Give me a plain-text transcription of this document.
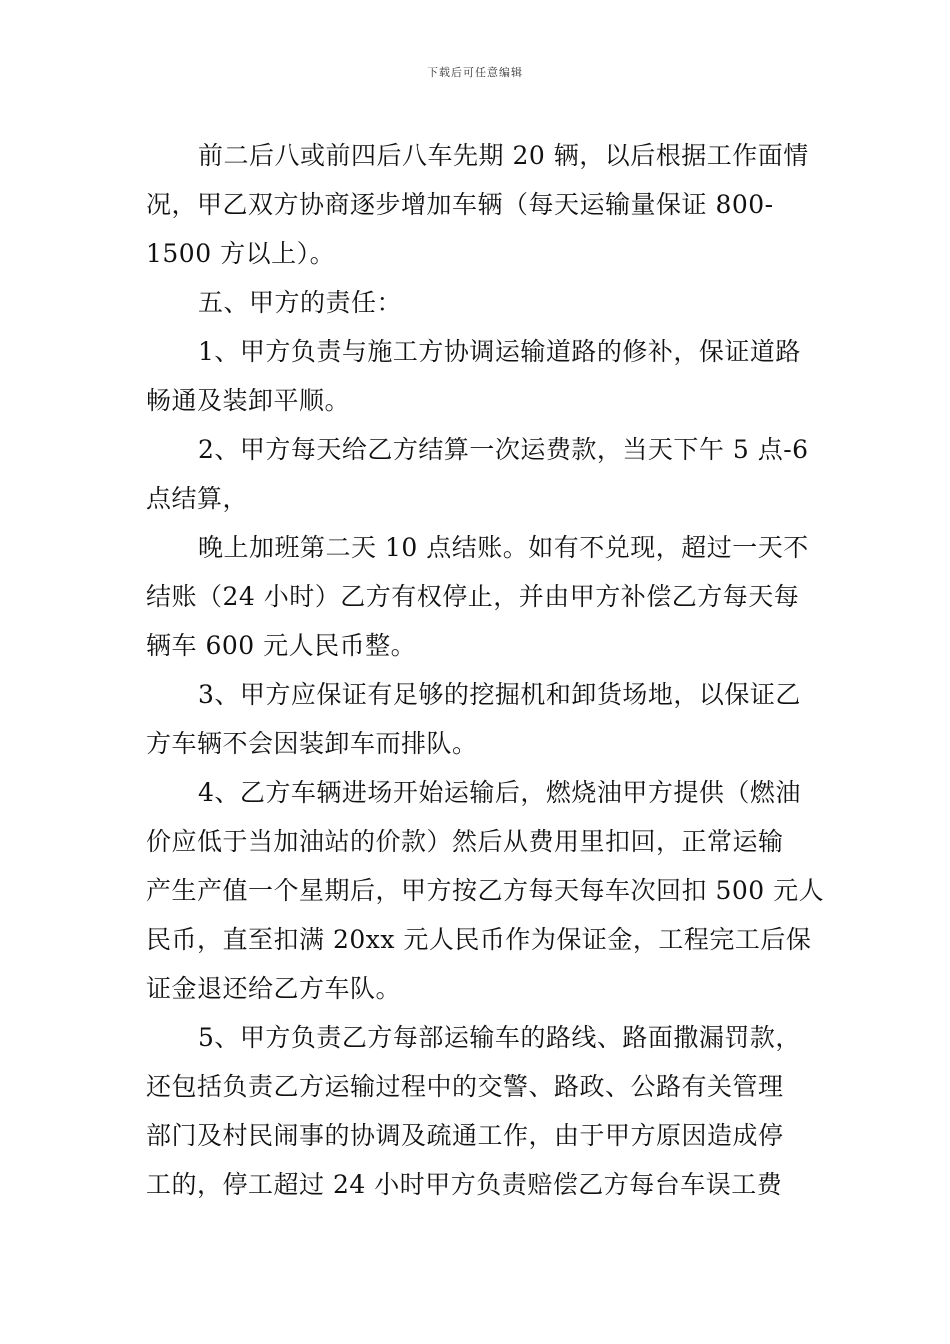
下载后可任意编辑
前二后八或前四后八车先期 20 辆，以后根据工作面情
况，甲乙双方协商逐步增加车辆（每天运输量保证 800-
1500 方以上）。
五、甲方的责任：
1、甲方负责与施工方协调运输道路的修补，保证道路
畅通及装卸平顺。
2、甲方每天给乙方结算一次运费款，当天下午 5 点-6
点结算，
晚上加班第二天 10 点结账。如有不兑现，超过一天不
结账（24 小时）乙方有权停止，并由甲方补偿乙方每天每
辆车 600 元人民币整。
3、甲方应保证有足够的挖掘机和卸货场地，以保证乙
方车辆不会因装卸车而排队。
4、乙方车辆进场开始运输后，燃烧油甲方提供（燃油
价应低于当加油站的价款）然后从费用里扣回，正常运输
产生产值一个星期后，甲方按乙方每天每车次回扣 500 元人
民币，直至扣满 20xx 元人民币作为保证金，工程完工后保
证金退还给乙方车队。
5、甲方负责乙方每部运输车的路线、路面撒漏罚款，
还包括负责乙方运输过程中的交警、路政、公路有关管理
部门及村民闹事的协调及疏通工作，由于甲方原因造成停
工的，停工超过 24 小时甲方负责赔偿乙方每台车误工费
